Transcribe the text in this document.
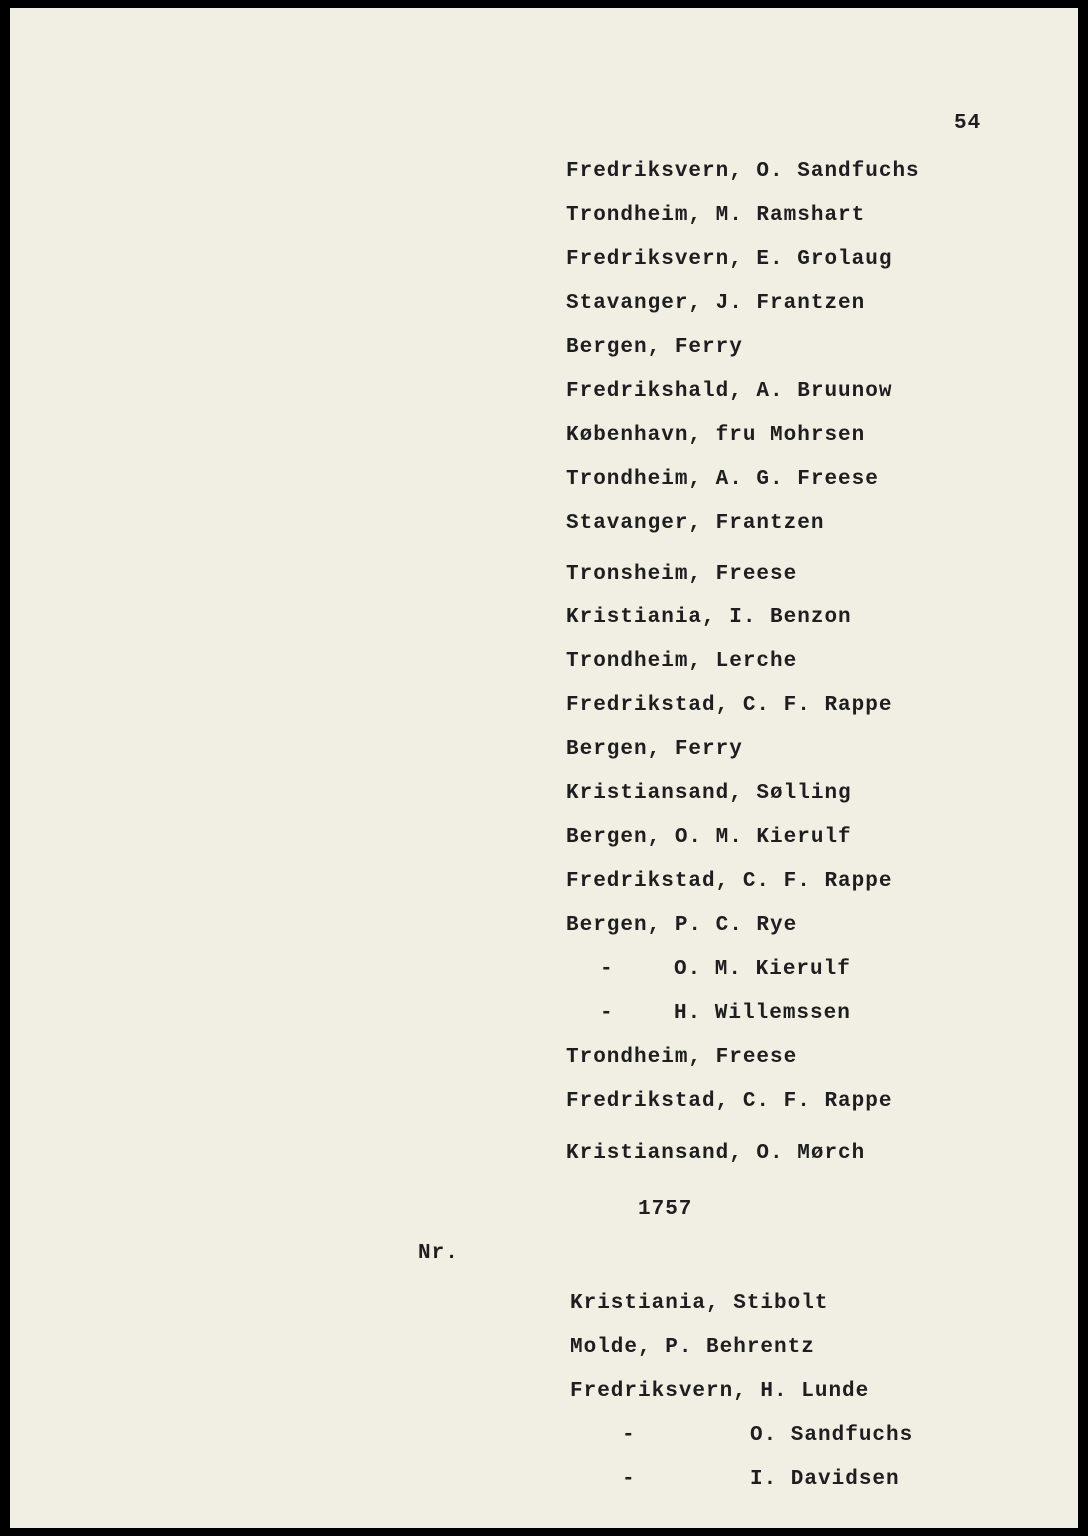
54
Fredriksvern, O. Sandfuchs
Trondheim, M. Ramshart
Fredriksvern, E. Grolaug
Stavanger, J. Frantzen
Bergen, Ferry
Fredrikshald, A. Bruunow
København, fru Mohrsen
Trondheim, A. G. Freese
Stavanger, Frantzen
Tronsheim, Freese
Kristiania, I. Benzon
Trondheim, Lerche
Fredrikstad, C. F. Rappe
Bergen, Ferry
Kristiansand, Sølling
Bergen, O. M. Kierulf
Fredrikstad, C. F. Rappe
Bergen, P. C. Rye
-	O. M. Kierulf
-	H. Willemssen
Trondheim, Freese
Fredrikstad, C. F. Rappe
Kristiansand, O. Mørch
1757
Nr.
Kristiania, Stibolt
Molde, P. Behrentz
Fredriksvern, H. Lunde
-	O. Sandfuchs
-	I. Davidsen
